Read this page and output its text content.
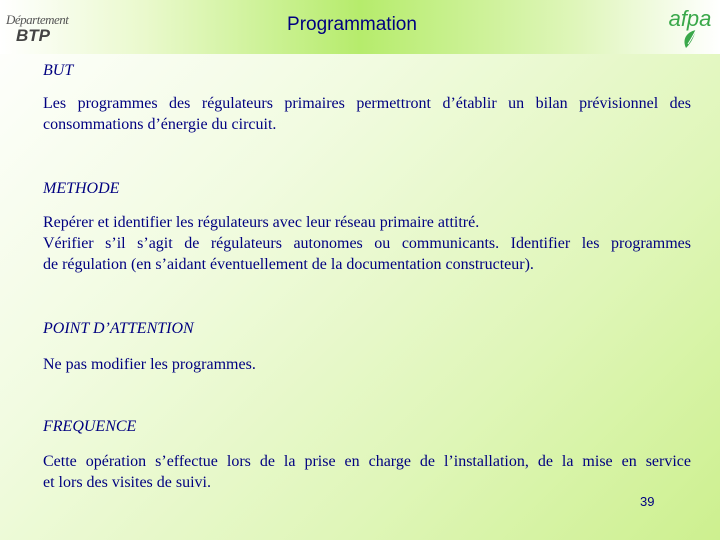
Département
BTP
Programmation	afpa
BUT
Les programmes des régulateurs primaires permettront d’établir un bilan prévisionnel des
consommations d’énergie du circuit.
METHODE
Repérer et identifier les régulateurs avec leur réseau primaire attitré.
Vérifier s’il s’agit de régulateurs autonomes ou communicants. Identifier les programmes
de régulation (en s’aidant éventuellement de la documentation constructeur).
POINT D’ATTENTION
Ne pas modifier les programmes.
FREQUENCE
Cette opération s’effectue lors de la prise en charge de l’installation, de la mise en service
et lors des visites de suivi.
39
